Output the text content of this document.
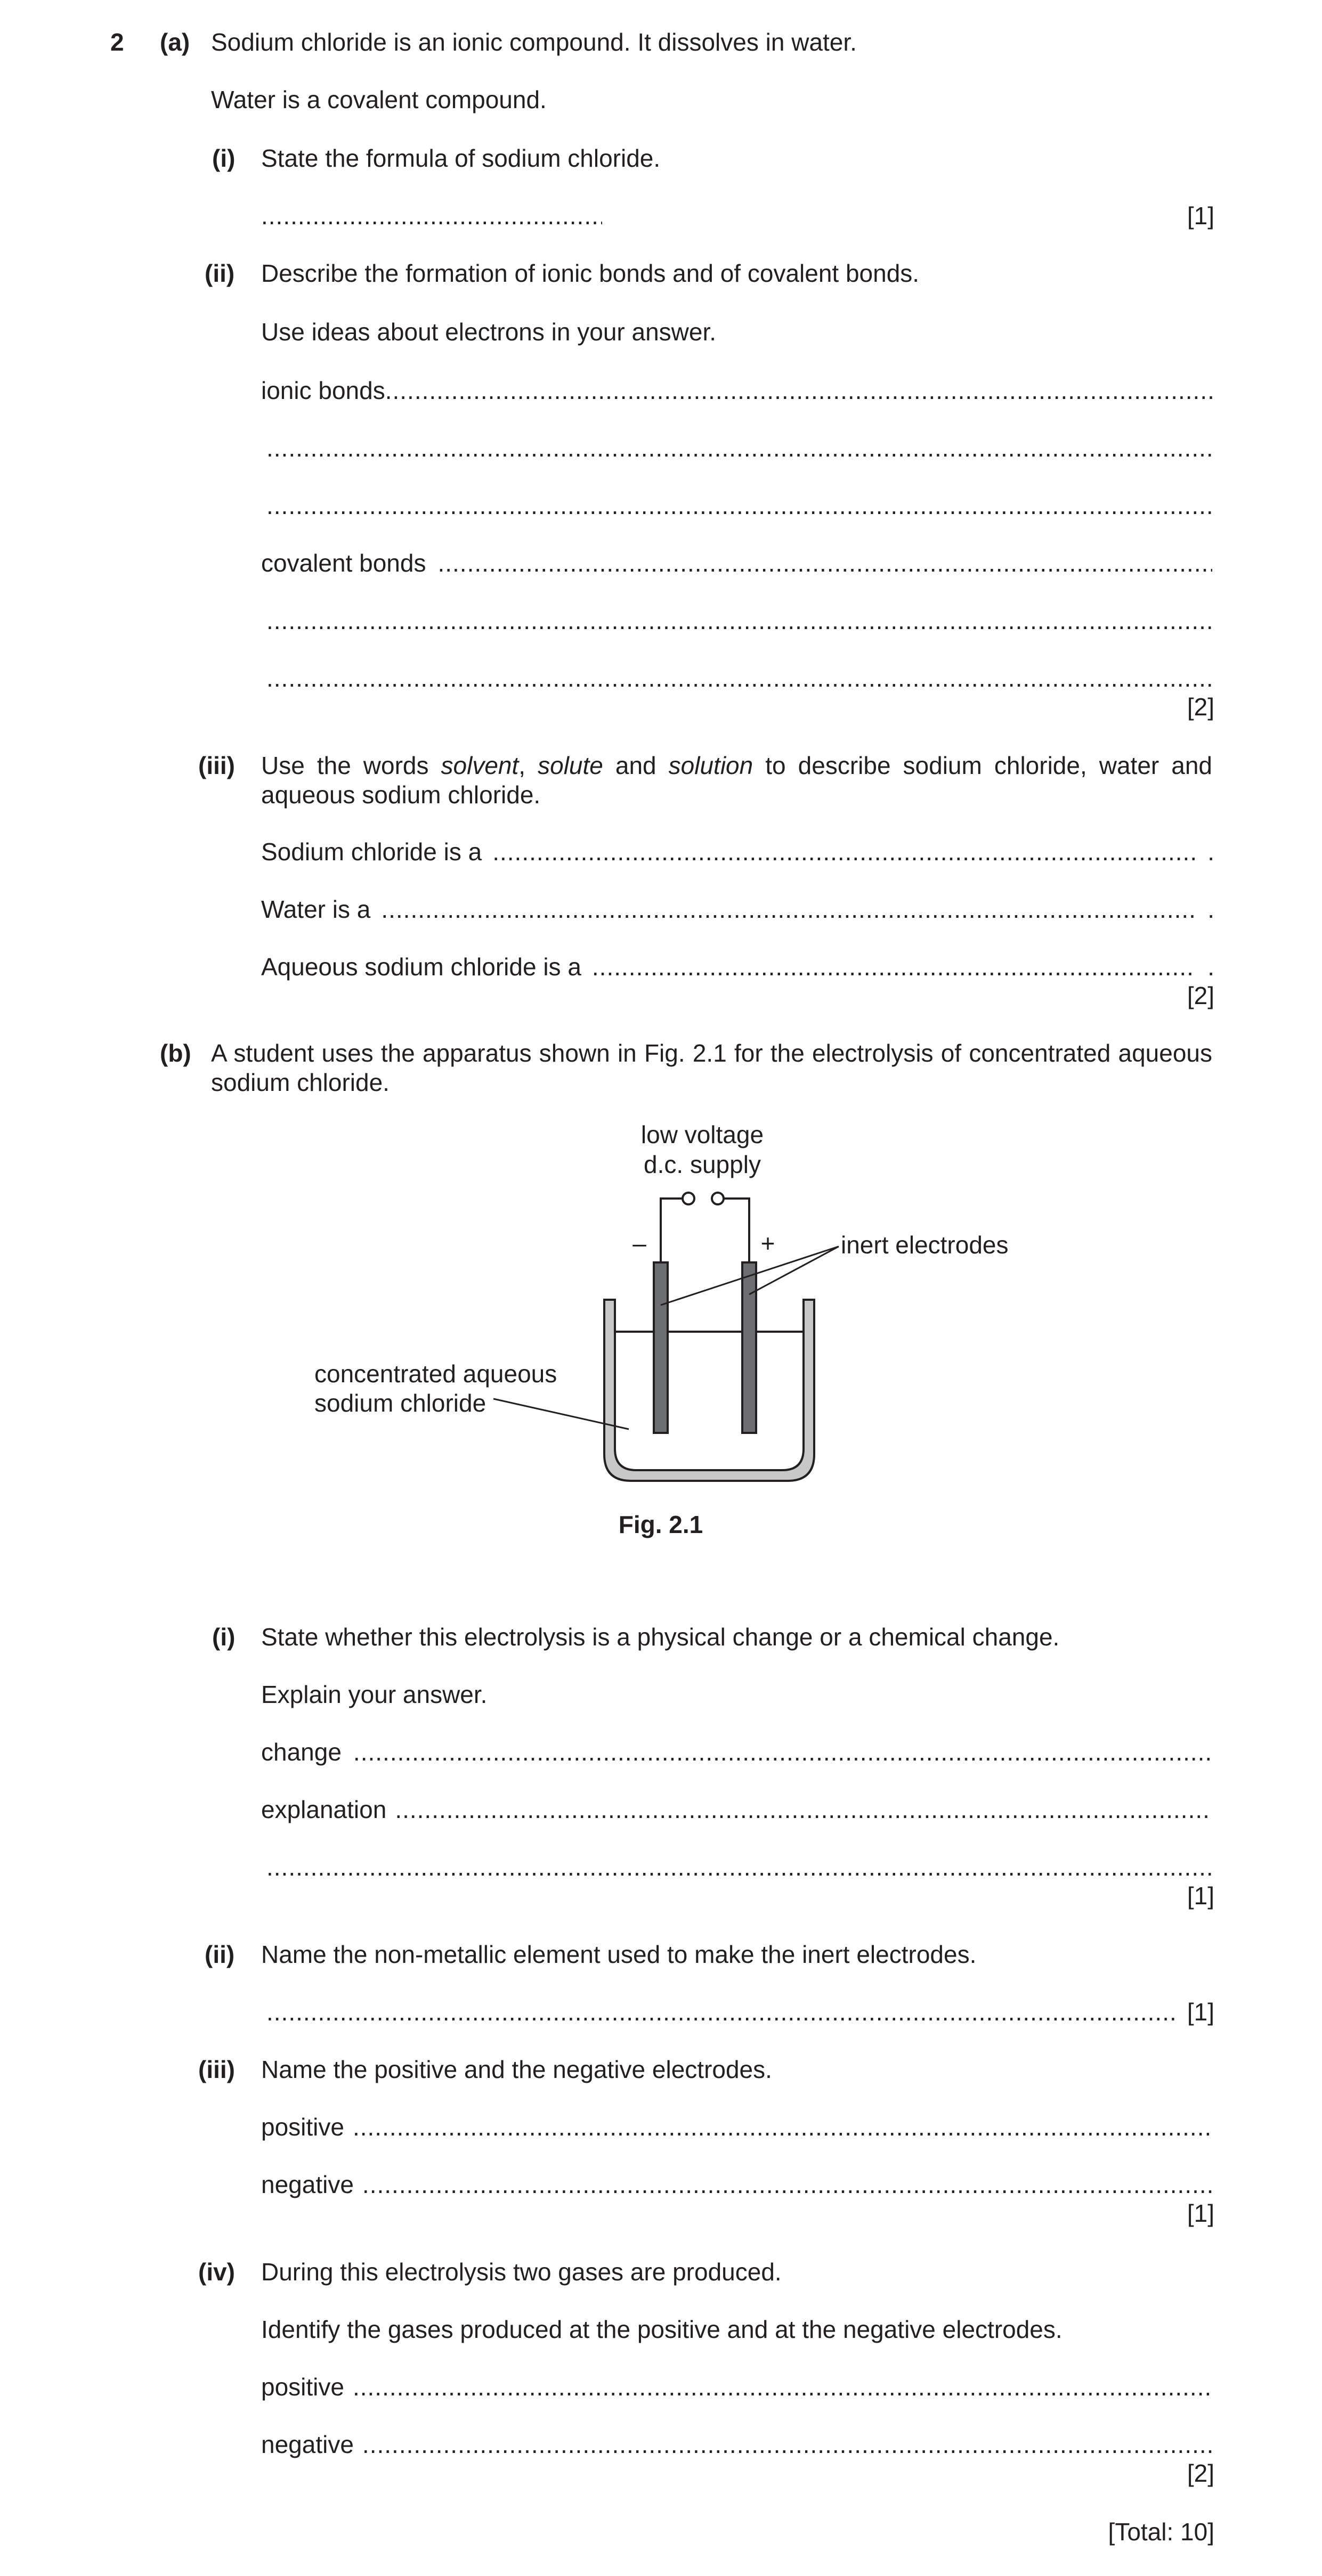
2 (a) Sodium chloride is an ionic compound. It dissolves in water.
Water is a covalent compound.
(i) State the formula of sodium chloride.
.....
[1]
(ii) Describe the formation of ionic bonds and of covalent bonds.
Use ideas about electrons in your answer.
ionic bonds
.....
.....
.....
covalent bonds
.....
.....
.....
[2]
(iii) Use the words solvent, solute and solution to describe sodium chloride, water and aqueous sodium chloride.
Sodium chloride is a .....	.
Water is a .....	.
Aqueous sodium chloride is a .....	.
[2]
(b) A student uses the apparatus shown in Fig. 2.1 for the electrolysis of concentrated aqueous sodium chloride.
low voltage
d.c. supply
–	+	inert electrodes
concentrated aqueous
sodium chloride
Fig. 2.1
(i) State whether this electrolysis is a physical change or a chemical change.
Explain your answer.
change
.....
explanation
.....
.....
[1]
(ii) Name the non-metallic element used to make the inert electrodes.
.....
[1]
(iii) Name the positive and the negative electrodes.
positive
.....
negative
.....
[1]
(iv) During this electrolysis two gases are produced.
Identify the gases produced at the positive and at the negative electrodes.
positive
.....
negative
.....
[2]
[Total: 10]
